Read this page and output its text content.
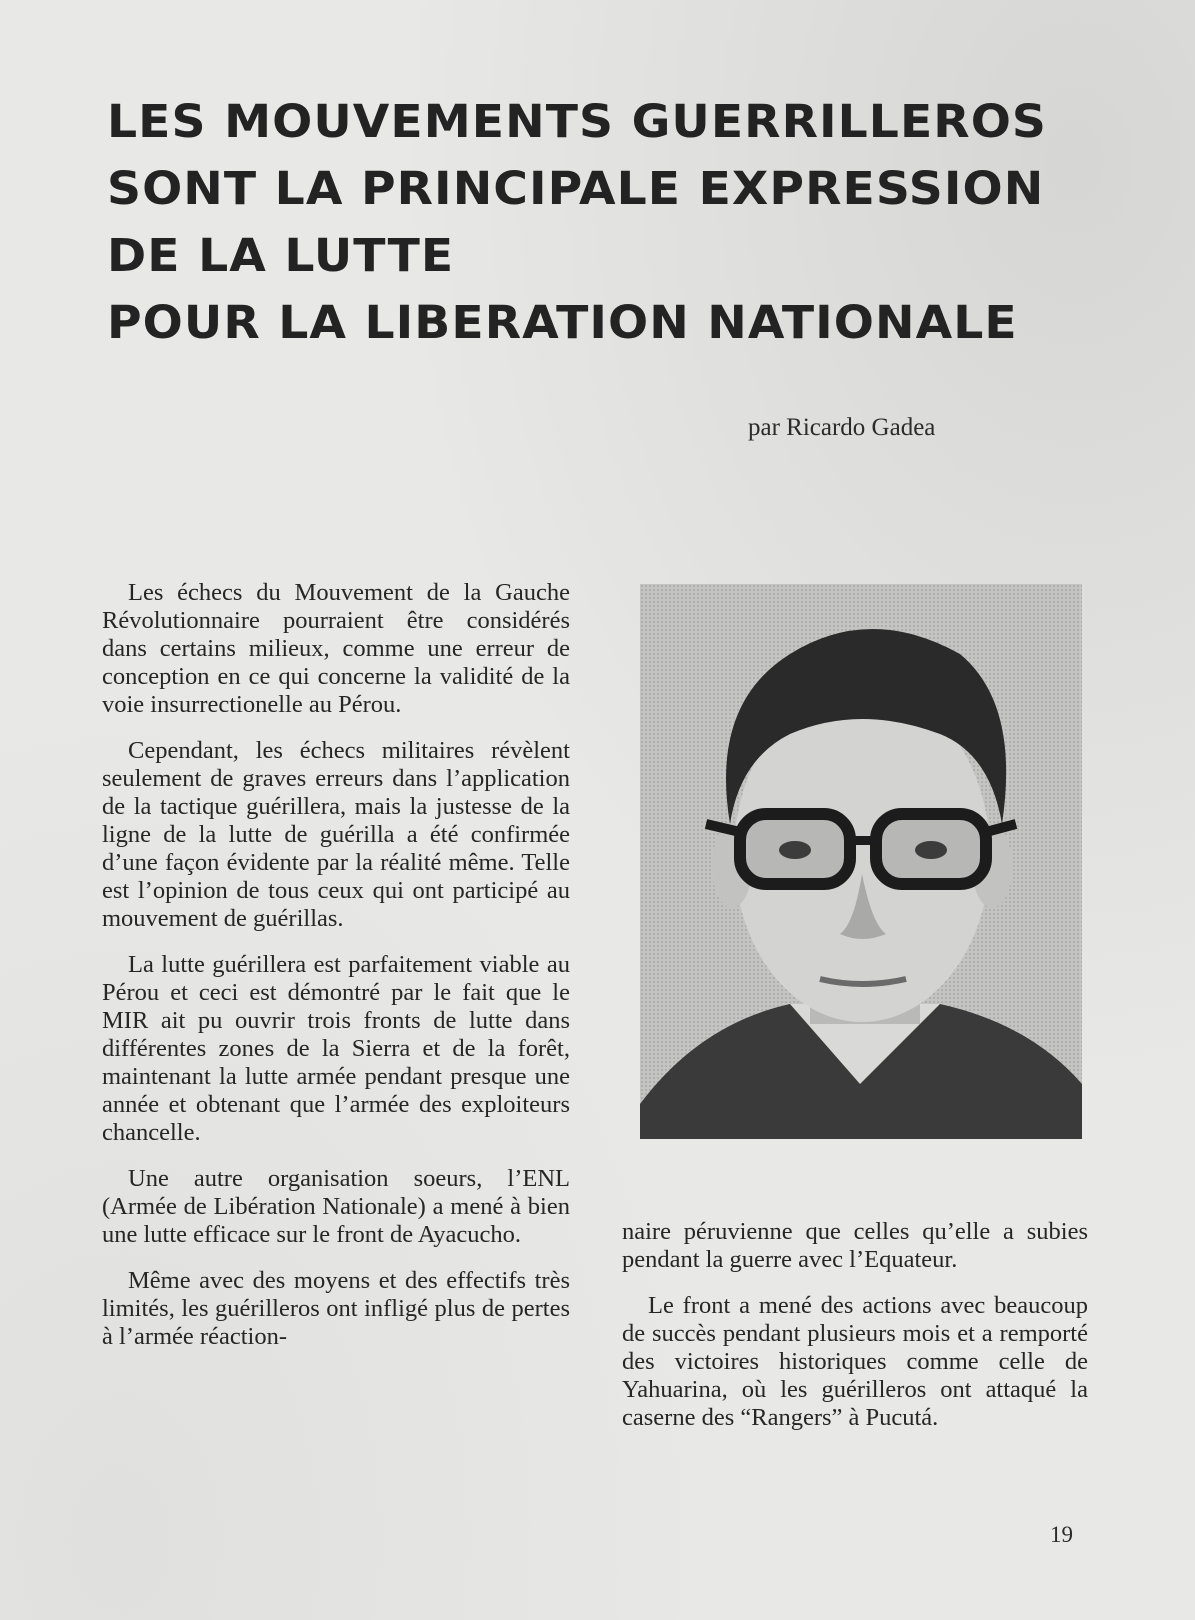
LES MOUVEMENTS GUERRILLEROS
SONT LA PRINCIPALE EXPRESSION
DE LA LUTTE
POUR LA LIBERATION NATIONALE
par Ricardo Gadea

Les échecs du Mouvement de la Gauche Révolutionnaire pourraient être considérés dans certains milieux, comme une erreur de conception en ce qui concerne la validité de la voie insurrectionelle au Pérou.

Cependant, les échecs militaires révèlent seulement de graves erreurs dans l’application de la tactique guérillera, mais la justesse de la ligne de la lutte de guérilla a été confirmée d’une façon évidente par la réalité même. Telle est l’opinion de tous ceux qui ont participé au mouvement de guérillas.

La lutte guérillera est parfaitement viable au Pérou et ceci est démontré par le fait que le MIR ait pu ouvrir trois fronts de lutte dans différentes zones de la Sierra et de la forêt, maintenant la lutte armée pendant presque une année et obtenant que l’armée des exploiteurs chancelle.

Une autre organisation soeurs, l’ENL (Armée de Libération Nationale) a mené à bien une lutte efficace sur le front de Ayacucho.

Même avec des moyens et des effectifs très limités, les guérilleros ont infligé plus de pertes à l’armée réaction-

naire péruvienne que celles qu’elle a subies pendant la guerre avec l’Equateur.

Le front a mené des actions avec beaucoup de succès pendant plusieurs mois et a remporté des victoires historiques comme celle de Yahuarina, où les guérilleros ont attaqué la caserne des “Rangers” à Pucutá.

19
